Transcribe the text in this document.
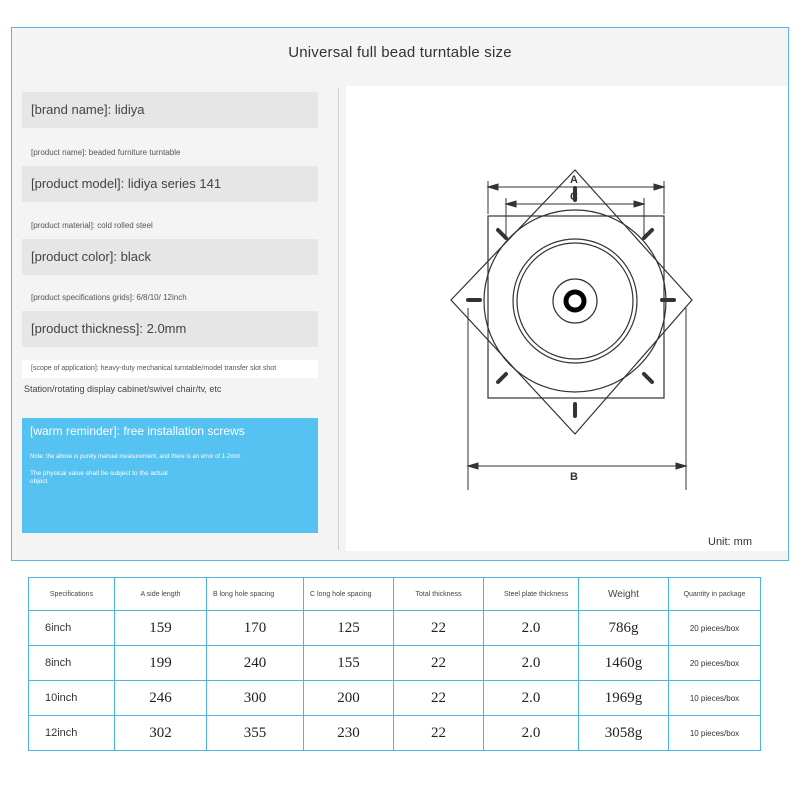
Universal full bead turntable size
[brand name]: lidiya
[product name]: beaded furniture turntable
[product model]: lidiya series 141
[product material]: cold rolled steel
[product color]: black
[product specifications grids]: 6/8/10/ 12inch
[product thickness]: 2.0mm
[scope of application]: heavy-duty mechanical turntable/model transfer slot shot
Station/rotating display cabinet/swivel chair/tv, etc
[warm reminder]: free installation screws
Note: the above is purely manual measurement, and there is an error of 1-2mm
The physical value shall be subject to the actual object
A
C
B
Unit: mm
Specifications	A side length	B long hole spacing	C long hole spacing	Total thickness	Steel plate thickness	Weight	Quantity in package
6inch	159	170	125	22	2.0	786g	20 pieces/box
8inch	199	240	155	22	2.0	1460g	20 pieces/box
10inch	246	300	200	22	2.0	1969g	10 pieces/box
12inch	302	355	230	22	2.0	3058g	10 pieces/box
